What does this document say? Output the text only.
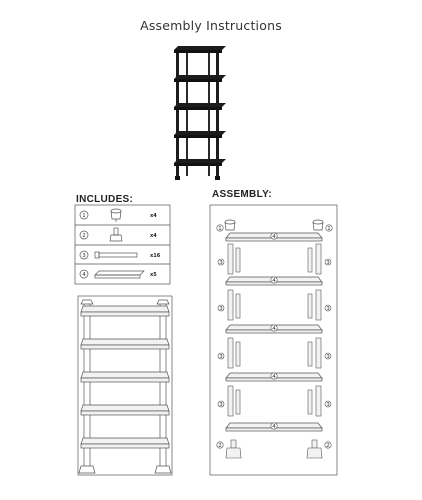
Assembly Instructions
INCLUDES:	ASSEMBLY:
1	x4
2	x4
3	x16
4	x5
1	1
4
3	3
4
3	3
4
3	3
4
3	3
4
2	2
